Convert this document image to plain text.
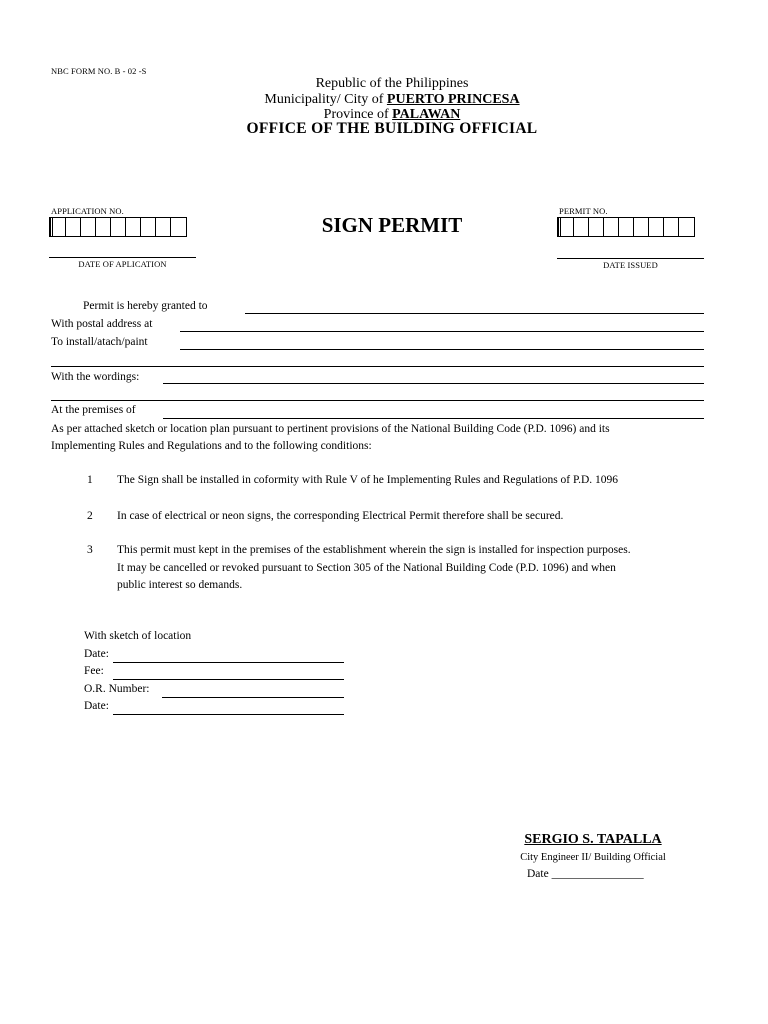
NBC FORM NO. B - 02 -S
Republic of the Philippines
Municipality/ City of PUERTO PRINCESA
Province of PALAWAN
OFFICE OF THE BUILDING OFFICIAL
APPLICATION NO.
DATE OF APLICATION
SIGN PERMIT
PERMIT NO.
DATE ISSUED
Permit is hereby granted to
With postal address at
To install/atach/paint
With the wordings:
At the premises of
As per attached sketch or location plan pursuant to pertinent provisions of the National Building Code (P.D. 1096) and its
Implementing Rules and Regulations and to the following conditions:
1 The Sign shall be installed in coformity with Rule V of he Implementing Rules and Regulations of P.D. 1096
2 In case of electrical or neon signs, the corresponding Electrical Permit therefore shall be secured.
3 This permit must kept in the premises of the establishment wherein the sign is installed for inspection purposes.
It may be cancelled or revoked pursuant to Section 305 of the National Building Code (P.D. 1096) and when
public interest so demands.
With sketch of location
Date:
Fee:
O.R. Number:
Date:
SERGIO S. TAPALLA
City Engineer II/ Building Official
Date ________________
